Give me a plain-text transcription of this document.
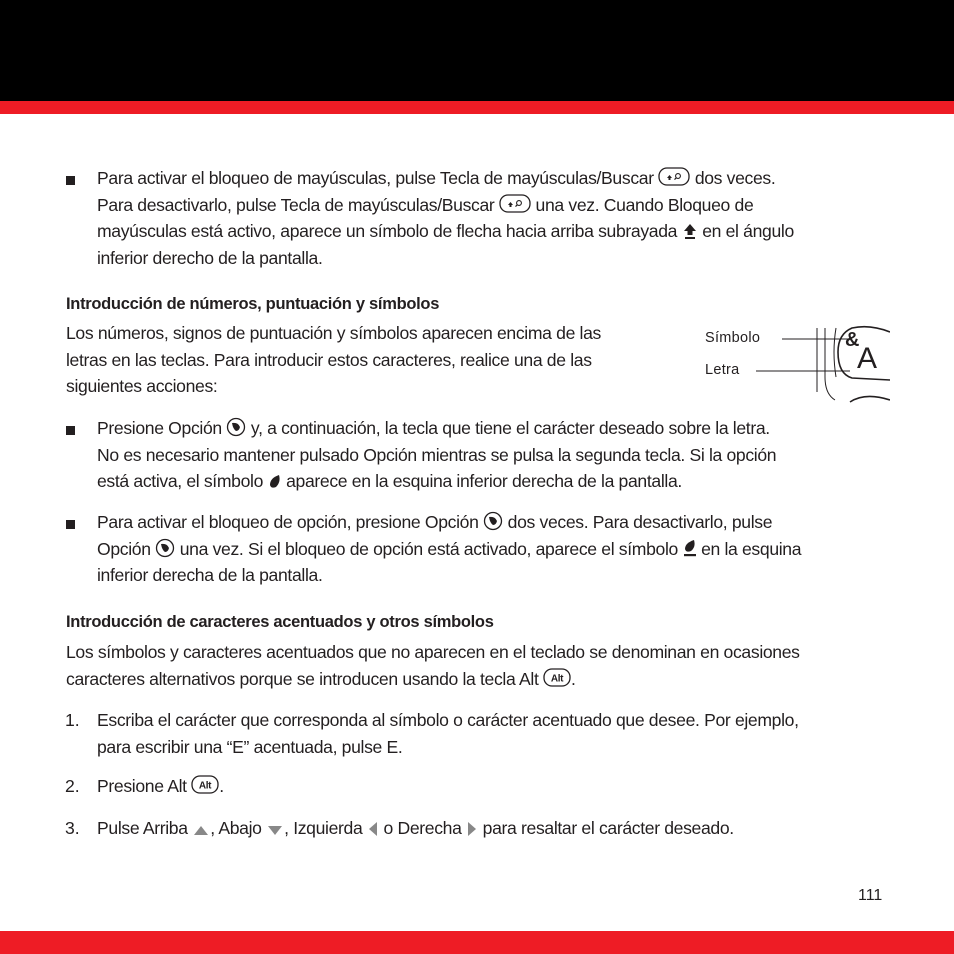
Para activar el bloqueo de mayúsculas, pulse Tecla de mayúsculas/Buscar dos veces.
Para desactivarlo, pulse Tecla de mayúsculas/Buscar una vez. Cuando Bloqueo de
mayúsculas está activo, aparece un símbolo de flecha hacia arriba subrayada en el ángulo
inferior derecho de la pantalla.
Introducción de números, puntuación y símbolos
Los números, signos de puntuación y símbolos aparecen encima de las
letras en las teclas. Para introducir estos caracteres, realice una de las
siguientes acciones:
Símbolo
Letra
&
A
Presione Opción y, a continuación, la tecla que tiene el carácter deseado sobre la letra.
No es necesario mantener pulsado Opción mientras se pulsa la segunda tecla. Si la opción
está activa, el símbolo aparece en la esquina inferior derecha de la pantalla.
Para activar el bloqueo de opción, presione Opción dos veces. Para desactivarlo, pulse
Opción una vez. Si el bloqueo de opción está activado, aparece el símbolo en la esquina
inferior derecha de la pantalla.
Introducción de caracteres acentuados y otros símbolos
Los símbolos y caracteres acentuados que no aparecen en el teclado se denominan en ocasiones
caracteres alternativos porque se introducen usando la tecla Alt Alt .
1. Escriba el carácter que corresponda al símbolo o carácter acentuado que desee. Por ejemplo,
para escribir una “E” acentuada, pulse E.
2. Presione Alt Alt .
3. Pulse Arriba , Abajo , Izquierda o Derecha para resaltar el carácter deseado.
111
